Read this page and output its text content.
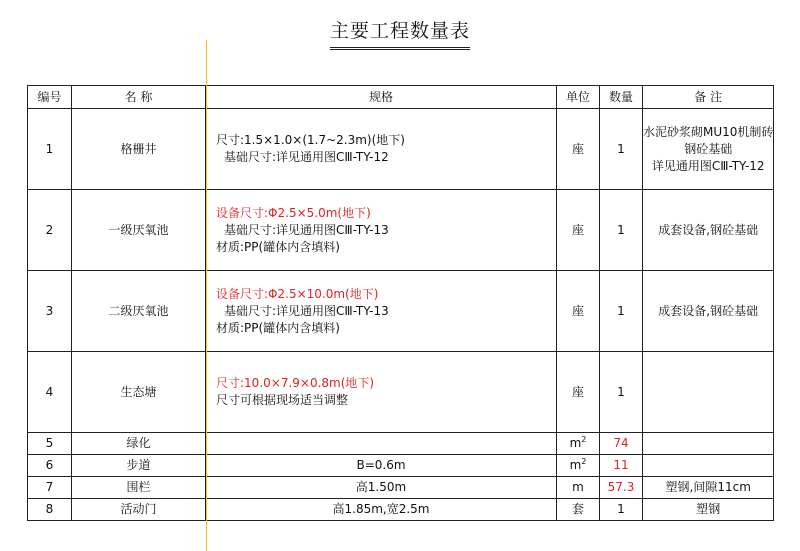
主要工程数量表
编号	名 称	规格	单位	数量	备 注
1	格栅井	尺寸:1.5×1.0×(1.7~2.3m)(地下)
基础尺寸:详见通用图CⅢ-TY-12	座	1	水泥砂浆砌MU10机制砖
钢砼基础
详见通用图CⅢ-TY-12

2	一级厌氧池	设备尺寸:Φ2.5×5.0m(地下)
基础尺寸:详见通用图CⅢ-TY-13
材质:PP(罐体内含填料)	座	1	成套设备,钢砼基础

3	二级厌氧池	设备尺寸:Φ2.5×10.0m(地下)
基础尺寸:详见通用图CⅢ-TY-13
材质:PP(罐体内含填料)	座	1	成套设备,钢砼基础

4	生态塘	尺寸:10.0×7.9×0.8m(地下)
尺寸可根据现场适当调整	座	1	
5	绿化		$m^2$	74	
6	步道	B=0.6m	$m^2$	11	
7	围栏	高1.50m	m	57.3	塑钢,间隙11cm

8	活动门	高1.85m,宽2.5m	套	1	塑钢
